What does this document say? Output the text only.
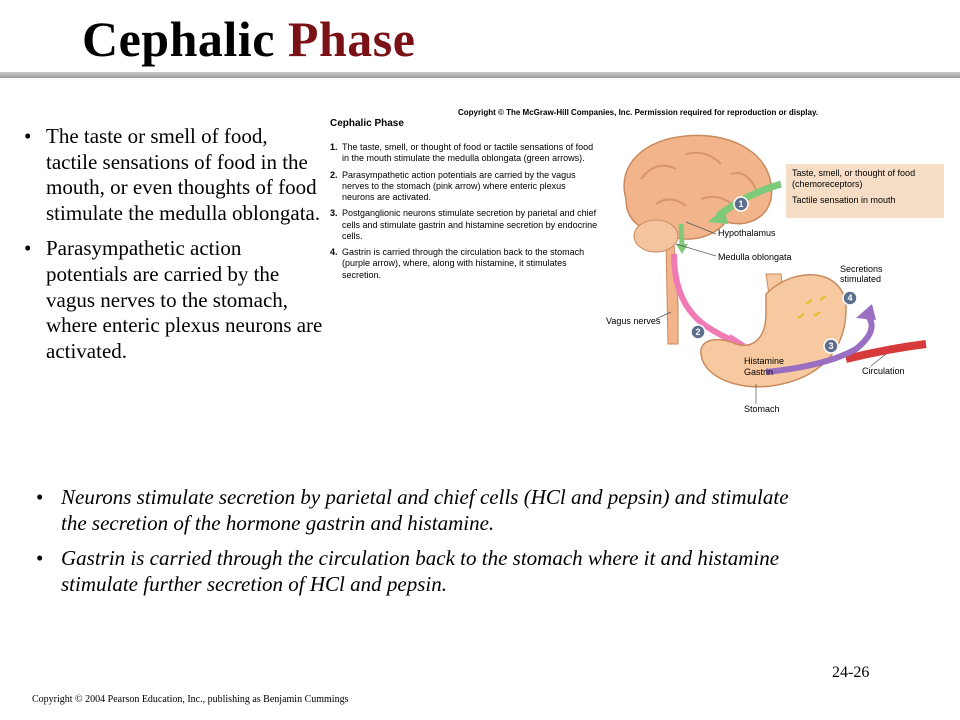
Cephalic Phase
• The taste or smell of food, tactile sensations of food in the mouth, or even thoughts of food stimulate the medulla oblongata.
• Parasympathetic action potentials are carried by the vagus nerves to the stomach, where enteric plexus neurons are activated.
1
2
3
4
Copyright © The McGraw-Hill Companies, Inc. Permission required for reproduction or display.
Cephalic Phase
1. The taste, smell, or thought of food or tactile sensations of food in the mouth stimulate the medulla oblongata (green arrows).
2. Parasympathetic action potentials are carried by the vagus nerves to the stomach (pink arrow) where enteric plexus neurons are activated.
3. Postganglionic neurons stimulate secretion by parietal and chief cells and stimulate gastrin and histamine secretion by endocrine cells.
4. Gastrin is carried through the circulation back to the stomach (purple arrow), where, along with histamine, it stimulates secretion.
Taste, smell, or thought of food (chemoreceptors)
Tactile sensation in mouth
Hypothalamus
Medulla oblongata
Vagus nerves
Secretions stimulated
Histamine
Gastrin	Circulation
Stomach
• Neurons stimulate secretion by parietal and chief cells (HCl and pepsin) and stimulate the secretion of the hormone gastrin and histamine.
• Gastrin is carried through the circulation back to the stomach where it and histamine stimulate further secretion of HCl and pepsin.
24-26
Copyright © 2004 Pearson Education, Inc., publishing as Benjamin Cummings
